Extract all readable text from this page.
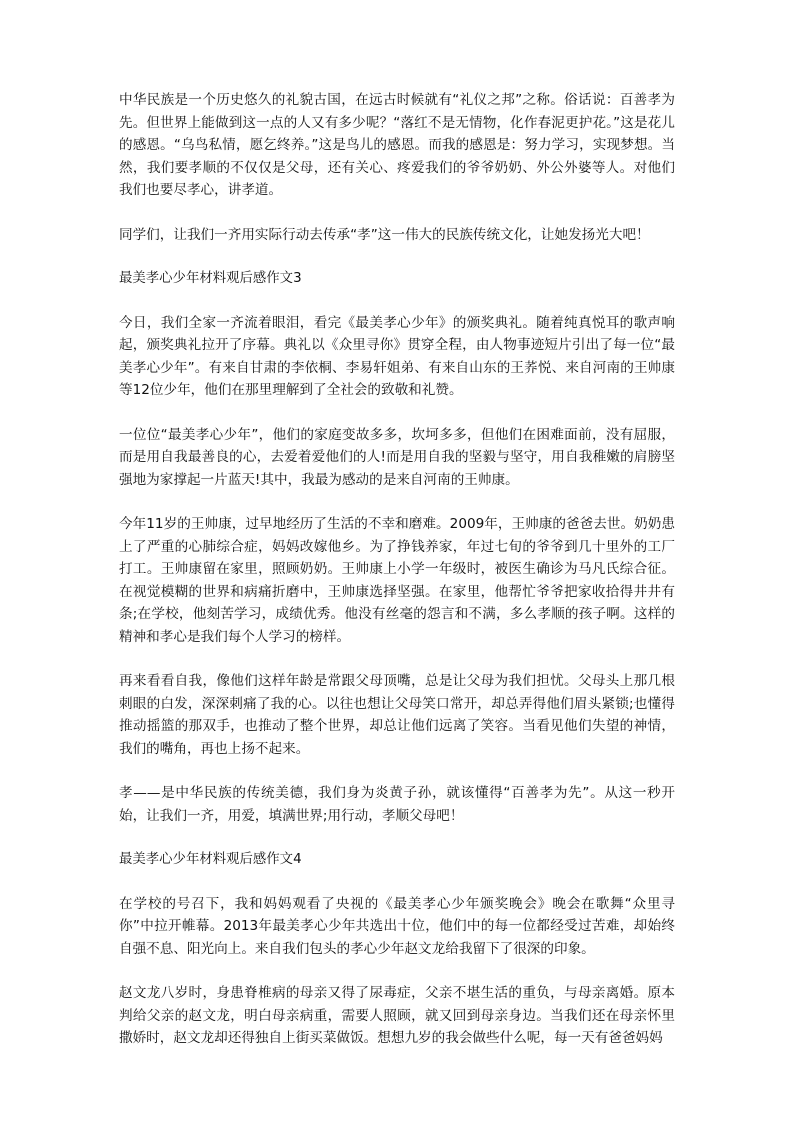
中华民族是一个历史悠久的礼貌古国，在远古时候就有“礼仪之邦”之称。俗话说：百善孝为先。但世界上能做到这一点的人又有多少呢？“落红不是无情物，化作春泥更护花。”这是花儿的感恩。“乌鸟私情，愿乞终养。”这是鸟儿的感恩。而我的感恩是：努力学习，实现梦想。当然，我们要孝顺的不仅仅是父母，还有关心、疼爱我们的爷爷奶奶、外公外婆等人。对他们我们也要尽孝心，讲孝道。

同学们，让我们一齐用实际行动去传承“孝”这一伟大的民族传统文化，让她发扬光大吧！

最美孝心少年材料观后感作文3

今日，我们全家一齐流着眼泪，看完《最美孝心少年》的颁奖典礼。随着纯真悦耳的歌声响起，颁奖典礼拉开了序幕。典礼以《众里寻你》贯穿全程，由人物事迹短片引出了每一位“最美孝心少年”。有来自甘肃的李依桐、李易轩姐弟、有来自山东的王荞悦、来自河南的王帅康等12位少年，他们在那里理解到了全社会的致敬和礼赞。

一位位“最美孝心少年”，他们的家庭变故多多，坎坷多多，但他们在困难面前，没有屈服，而是用自我最善良的心，去爱着爱他们的人!而是用自我的坚毅与坚守，用自我稚嫩的肩膀坚强地为家撑起一片蓝天!其中，我最为感动的是来自河南的王帅康。

今年11岁的王帅康，过早地经历了生活的不幸和磨难。2009年，王帅康的爸爸去世。奶奶患上了严重的心肺综合症，妈妈改嫁他乡。为了挣钱养家，年过七旬的爷爷到几十里外的工厂打工。王帅康留在家里，照顾奶奶。王帅康上小学一年级时，被医生确诊为马凡氏综合征。在视觉模糊的世界和病痛折磨中，王帅康选择坚强。在家里，他帮忙爷爷把家收拾得井井有条;在学校，他刻苦学习，成绩优秀。他没有丝毫的怨言和不满，多么孝顺的孩子啊。这样的精神和孝心是我们每个人学习的榜样。

再来看看自我，像他们这样年龄是常跟父母顶嘴，总是让父母为我们担忧。父母头上那几根刺眼的白发，深深刺痛了我的心。以往也想让父母笑口常开，却总弄得他们眉头紧锁;也懂得推动摇篮的那双手，也推动了整个世界，却总让他们远离了笑容。当看见他们失望的神情，我们的嘴角，再也上扬不起来。

孝——是中华民族的传统美德，我们身为炎黄子孙，就该懂得“百善孝为先”。从这一秒开始，让我们一齐，用爱，填满世界;用行动，孝顺父母吧！

最美孝心少年材料观后感作文4

在学校的号召下，我和妈妈观看了央视的《最美孝心少年颁奖晚会》晚会在歌舞“众里寻你”中拉开帷幕。2013年最美孝心少年共选出十位，他们中的每一位都经受过苦难，却始终自强不息、阳光向上。来自我们包头的孝心少年赵文龙给我留下了很深的印象。

赵文龙八岁时，身患脊椎病的母亲又得了尿毒症，父亲不堪生活的重负，与母亲离婚。原本判给父亲的赵文龙，明白母亲病重，需要人照顾，就又回到母亲身边。当我们还在母亲怀里撒娇时，赵文龙却还得独自上街买菜做饭。想想九岁的我会做些什么呢，每一天有爸爸妈妈
